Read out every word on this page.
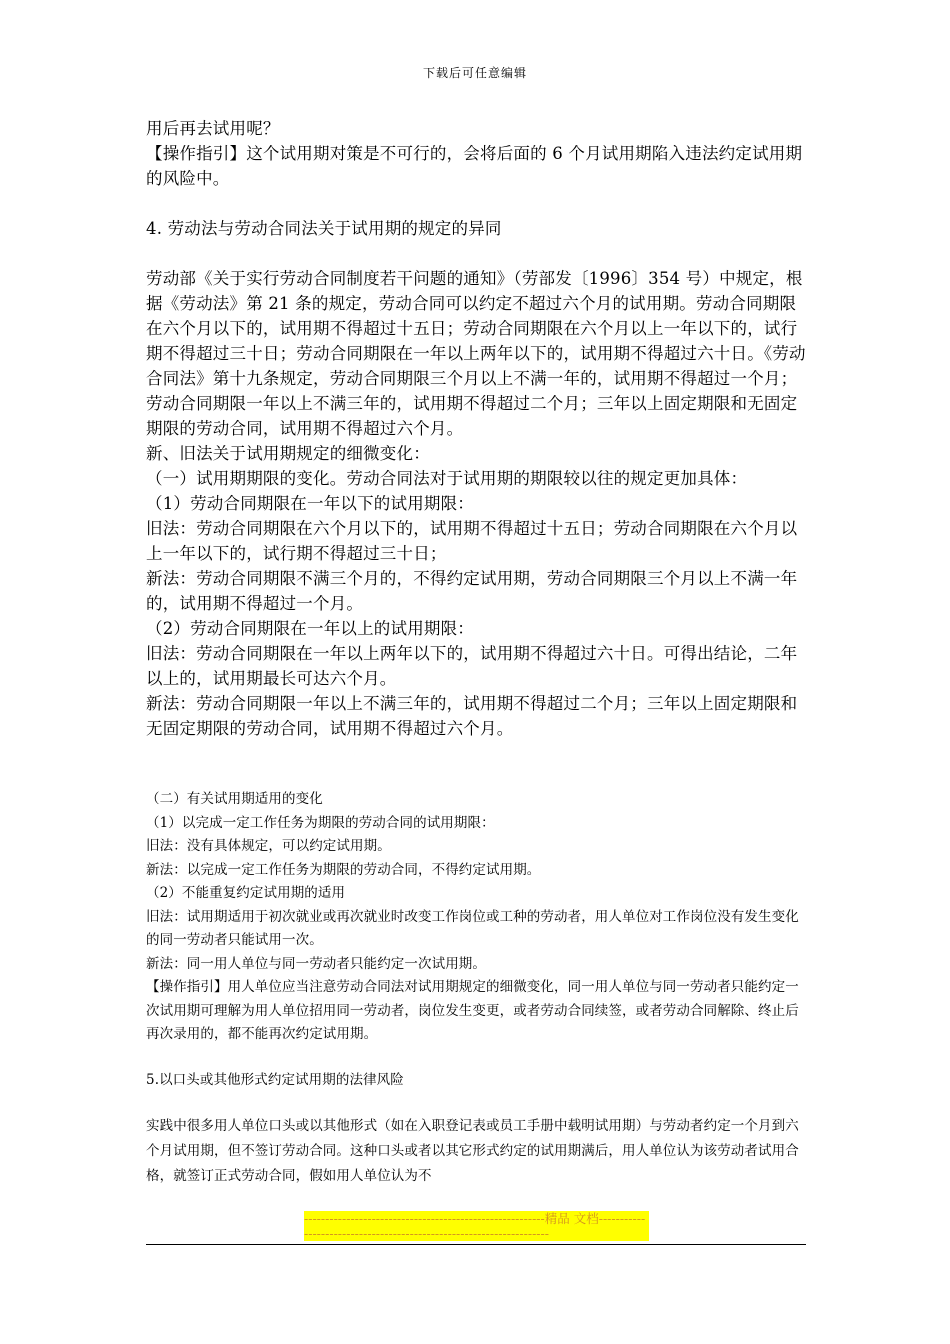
下载后可任意编辑

用后再去试用呢？

【操作指引】这个试用期对策是不可行的，会将后面的 6 个月试用期陷入违法约定试用期的风险中。

4. 劳动法与劳动合同法关于试用期的规定的异同

劳动部《关于实行劳动合同制度若干问题的通知》（劳部发〔1996〕354 号）中规定，根据《劳动法》第 21 条的规定，劳动合同可以约定不超过六个月的试用期。劳动合同期限在六个月以下的，试用期不得超过十五日；劳动合同期限在六个月以上一年以下的，试行期不得超过三十日；劳动合同期限在一年以上两年以下的，试用期不得超过六十日。《劳动合同法》第十九条规定，劳动合同期限三个月以上不满一年的，试用期不得超过一个月；劳动合同期限一年以上不满三年的，试用期不得超过二个月；三年以上固定期限和无固定期限的劳动合同，试用期不得超过六个月。

新、旧法关于试用期规定的细微变化：

（一）试用期期限的变化。劳动合同法对于试用期的期限较以往的规定更加具体：

（1）劳动合同期限在一年以下的试用期限：

旧法：劳动合同期限在六个月以下的，试用期不得超过十五日；劳动合同期限在六个月以上一年以下的，试行期不得超过三十日；

新法：劳动合同期限不满三个月的，不得约定试用期，劳动合同期限三个月以上不满一年的，试用期不得超过一个月。

（2）劳动合同期限在一年以上的试用期限：

旧法：劳动合同期限在一年以上两年以下的，试用期不得超过六十日。可得出结论，二年以上的，试用期最长可达六个月。

新法：劳动合同期限一年以上不满三年的，试用期不得超过二个月；三年以上固定期限和无固定期限的劳动合同，试用期不得超过六个月。

（二）有关试用期适用的变化

（1）以完成一定工作任务为期限的劳动合同的试用期限：

旧法：没有具体规定，可以约定试用期。

新法：以完成一定工作任务为期限的劳动合同，不得约定试用期。

（2）不能重复约定试用期的适用

旧法：试用期适用于初次就业或再次就业时改变工作岗位或工种的劳动者，用人单位对工作岗位没有发生变化的同一劳动者只能试用一次。

新法：同一用人单位与同一劳动者只能约定一次试用期。

【操作指引】用人单位应当注意劳动合同法对试用期规定的细微变化，同一用人单位与同一劳动者只能约定一次试用期可理解为用人单位招用同一劳动者，岗位发生变更，或者劳动合同续签，或者劳动合同解除、终止后再次录用的，都不能再次约定试用期。

5.以口头或其他形式约定试用期的法律风险

实践中很多用人单位口头或以其他形式（如在入职登记表或员工手册中载明试用期）与劳动者约定一个月到六个月试用期，但不签订劳动合同。这种口头或者以其它形式约定的试用期满后，用人单位认为该劳动者试用合格，就签订正式劳动合同，假如用人单位认为不

---------------------------------------------------------精品 文档---------------------------------------------------------------------
